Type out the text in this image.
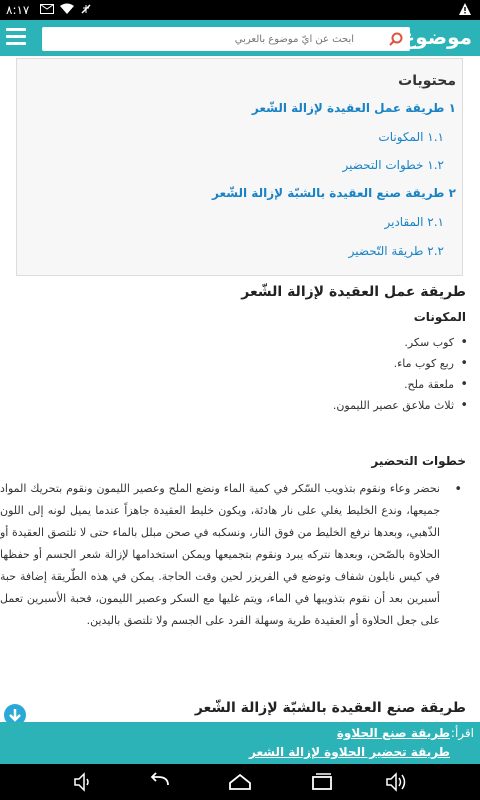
٨:١٧
ابحث عن أيّ موضوع بالعربي
موضوع
محتويات
١ طريقة عمل العقيدة لإزالة الشّعر
١.١ المكونات
١.٢ خطوات التحضير
٢ طريقة صنع العقيدة بالشبّة لإزالة الشّعر
٢.١ المقادير
٢.٢ طريقة التّحضير
طريقة عمل العقيدة لإزالة الشّعر
المكونات
• كوب سكر.
• ربع كوب ماء.
• ملعقة ملح.
• ثلاث ملاعق عصير الليمون.
خطوات التحضير
•
نحضر وعاء ونقوم بتذويب السّكر في كمية الماء ونضع الملح وعصير الليمون ونقوم بتحريك المواد جميعها، وندع الخليط يغلي على نار هادئة، ويكون خليط العقيدة جاهزاً عندما يميل لونه إلى اللون الذّهبي، وبعدها نرفع الخليط من فوق النار، ونسكبه في صحن مبلل بالماء حتى لا تلتصق العقيدة أو الحلاوة بالصّحن، وبعدها نتركه يبرد ونقوم بتجميعها ويمكن استخدامها لإزالة شعر الجسم أو حفظها في كيس نايلون شفاف وتوضع في الفريزر لحين وقت الحاجة. يمكن في هذه الطّريقة إضافة حبة أسبرين بعد أن نقوم بتذويبها في الماء، ويتم غليها مع السكر وعصير الليمون، فحبة الأسبرين تعمل على جعل الحلاوة أو العقيدة طرية وسهلة الفرد على الجسم ولا تلتصق باليدين.
طريقة صنع العقيدة بالشبّة لإزالة الشّعر
اقرأ:
طريقة صنع الحلاوة
طريقة تحضير الحلاوة لإزالة الشعر
